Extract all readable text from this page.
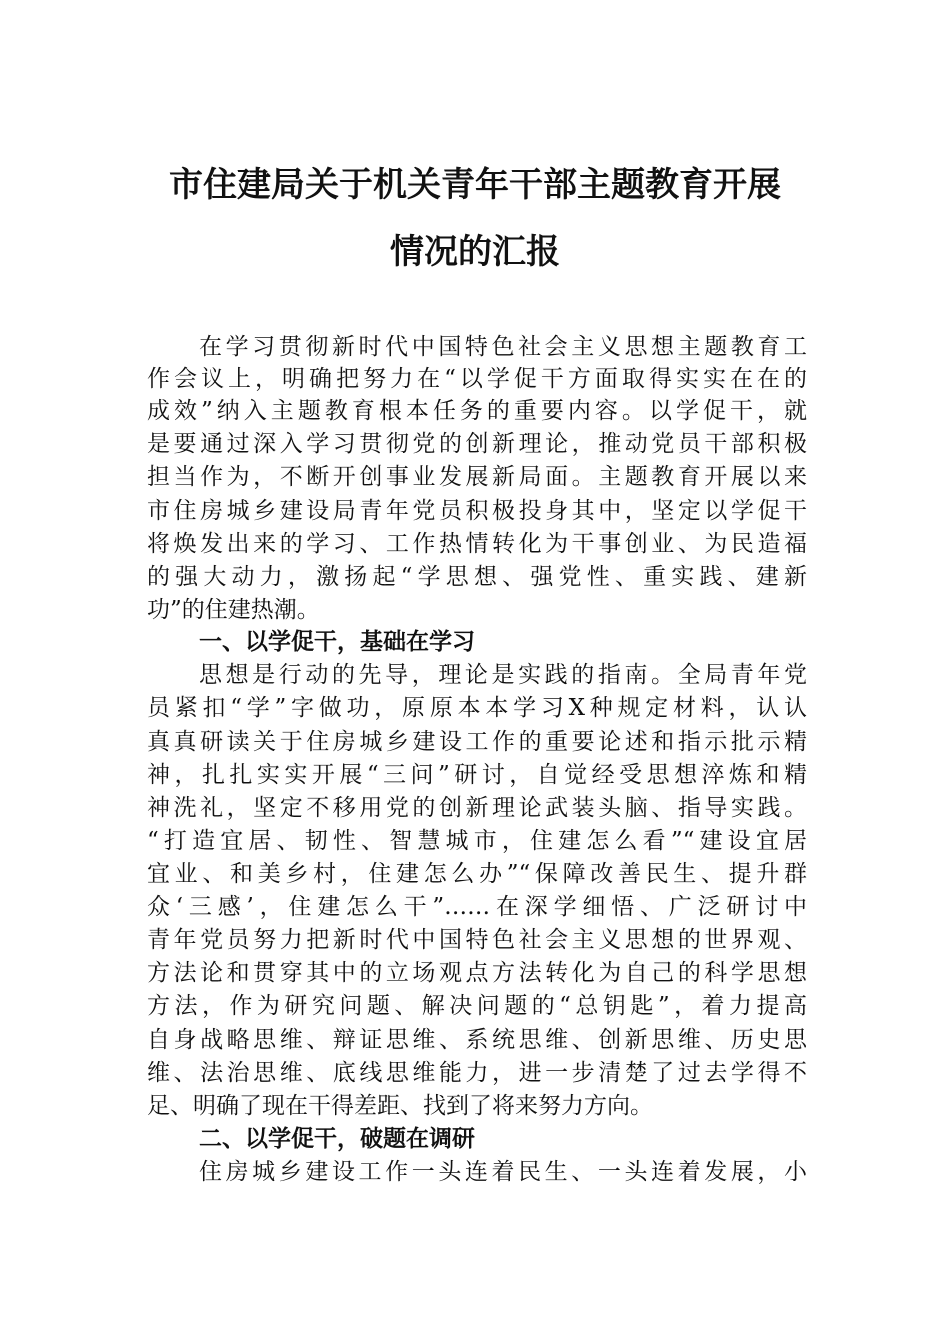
市住建局关于机关青年干部主题教育开展
情况的汇报
在学习贯彻新时代中国特色社会主义思想主题教育工
作会议上，明确把努力在“以学促干方面取得实实在在的
成效”纳入主题教育根本任务的重要内容。以学促干，就
是要通过深入学习贯彻党的创新理论，推动党员干部积极
担当作为，不断开创事业发展新局面。主题教育开展以来
市住房城乡建设局青年党员积极投身其中，坚定以学促干
将焕发出来的学习、工作热情转化为干事创业、为民造福
的强大动力，激扬起“学思想、强党性、重实践、建新
功”的住建热潮。
一、以学促干，基础在学习
思想是行动的先导，理论是实践的指南。全局青年党
员紧扣“学”字做功，原原本本学习X种规定材料，认认
真真研读关于住房城乡建设工作的重要论述和指示批示精
神，扎扎实实开展“三问”研讨，自觉经受思想淬炼和精
神洗礼，坚定不移用党的创新理论武装头脑、指导实践。
“打造宜居、韧性、智慧城市，住建怎么看”“建设宜居
宜业、和美乡村，住建怎么办”“保障改善民生、提升群
众‘三感’，住建怎么干”……在深学细悟、广泛研讨中
青年党员努力把新时代中国特色社会主义思想的世界观、
方法论和贯穿其中的立场观点方法转化为自己的科学思想
方法，作为研究问题、解决问题的“总钥匙”，着力提高
自身战略思维、辩证思维、系统思维、创新思维、历史思
维、法治思维、底线思维能力，进一步清楚了过去学得不
足、明确了现在干得差距、找到了将来努力方向。
二、以学促干，破题在调研
住房城乡建设工作一头连着民生、一头连着发展，小
